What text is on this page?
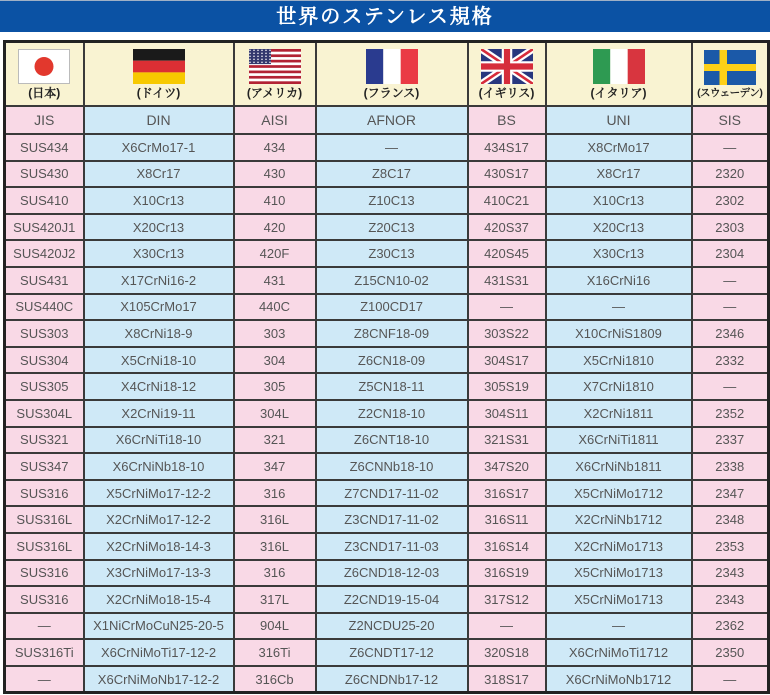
世界のステンレス規格
(日本)	(ドイツ)	(アメリカ)	(フランス)	(イギリス)	(イタリア)	(スウェーデン)

JIS	DIN	AISI	AFNOR	BS	UNI	SIS
SUS434	X6CrMo17-1	434	—	434S17	X8CrMo17	—
SUS430	X8Cr17	430	Z8C17	430S17	X8Cr17	2320
SUS410	X10Cr13	410	Z10C13	410C21	X10Cr13	2302
SUS420J1	X20Cr13	420	Z20C13	420S37	X20Cr13	2303
SUS420J2	X30Cr13	420F	Z30C13	420S45	X30Cr13	2304
SUS431	X17CrNi16-2	431	Z15CN10-02	431S31	X16CrNi16	—
SUS440C	X105CrMo17	440C	Z100CD17	—	—	—
SUS303	X8CrNi18-9	303	Z8CNF18-09	303S22	X10CrNiS1809	2346
SUS304	X5CrNi18-10	304	Z6CN18-09	304S17	X5CrNi1810	2332
SUS305	X4CrNi18-12	305	Z5CN18-11	305S19	X7CrNi1810	—
SUS304L	X2CrNi19-11	304L	Z2CN18-10	304S11	X2CrNi1811	2352
SUS321	X6CrNiTi18-10	321	Z6CNT18-10	321S31	X6CrNiTi1811	2337
SUS347	X6CrNiNb18-10	347	Z6CNNb18-10	347S20	X6CrNiNb1811	2338
SUS316	X5CrNiMo17-12-2	316	Z7CND17-11-02	316S17	X5CrNiMo1712	2347
SUS316L	X2CrNiMo17-12-2	316L	Z3CND17-11-02	316S11	X2CrNiNb1712	2348
SUS316L	X2CrNiMo18-14-3	316L	Z3CND17-11-03	316S14	X2CrNiMo1713	2353
SUS316	X3CrNiMo17-13-3	316	Z6CND18-12-03	316S19	X5CrNiMo1713	2343
SUS316	X2CrNiMo18-15-4	317L	Z2CND19-15-04	317S12	X5CrNiMo1713	2343
—	X1NiCrMoCuN25-20-5	904L	Z2NCDU25-20	—	—	2362
SUS316Ti	X6CrNiMoTi17-12-2	316Ti	Z6CNDT17-12	320S18	X6CrNiMoTi1712	2350
—	X6CrNiMoNb17-12-2	316Cb	Z6CNDNb17-12	318S17	X6CrNiMoNb1712	—
